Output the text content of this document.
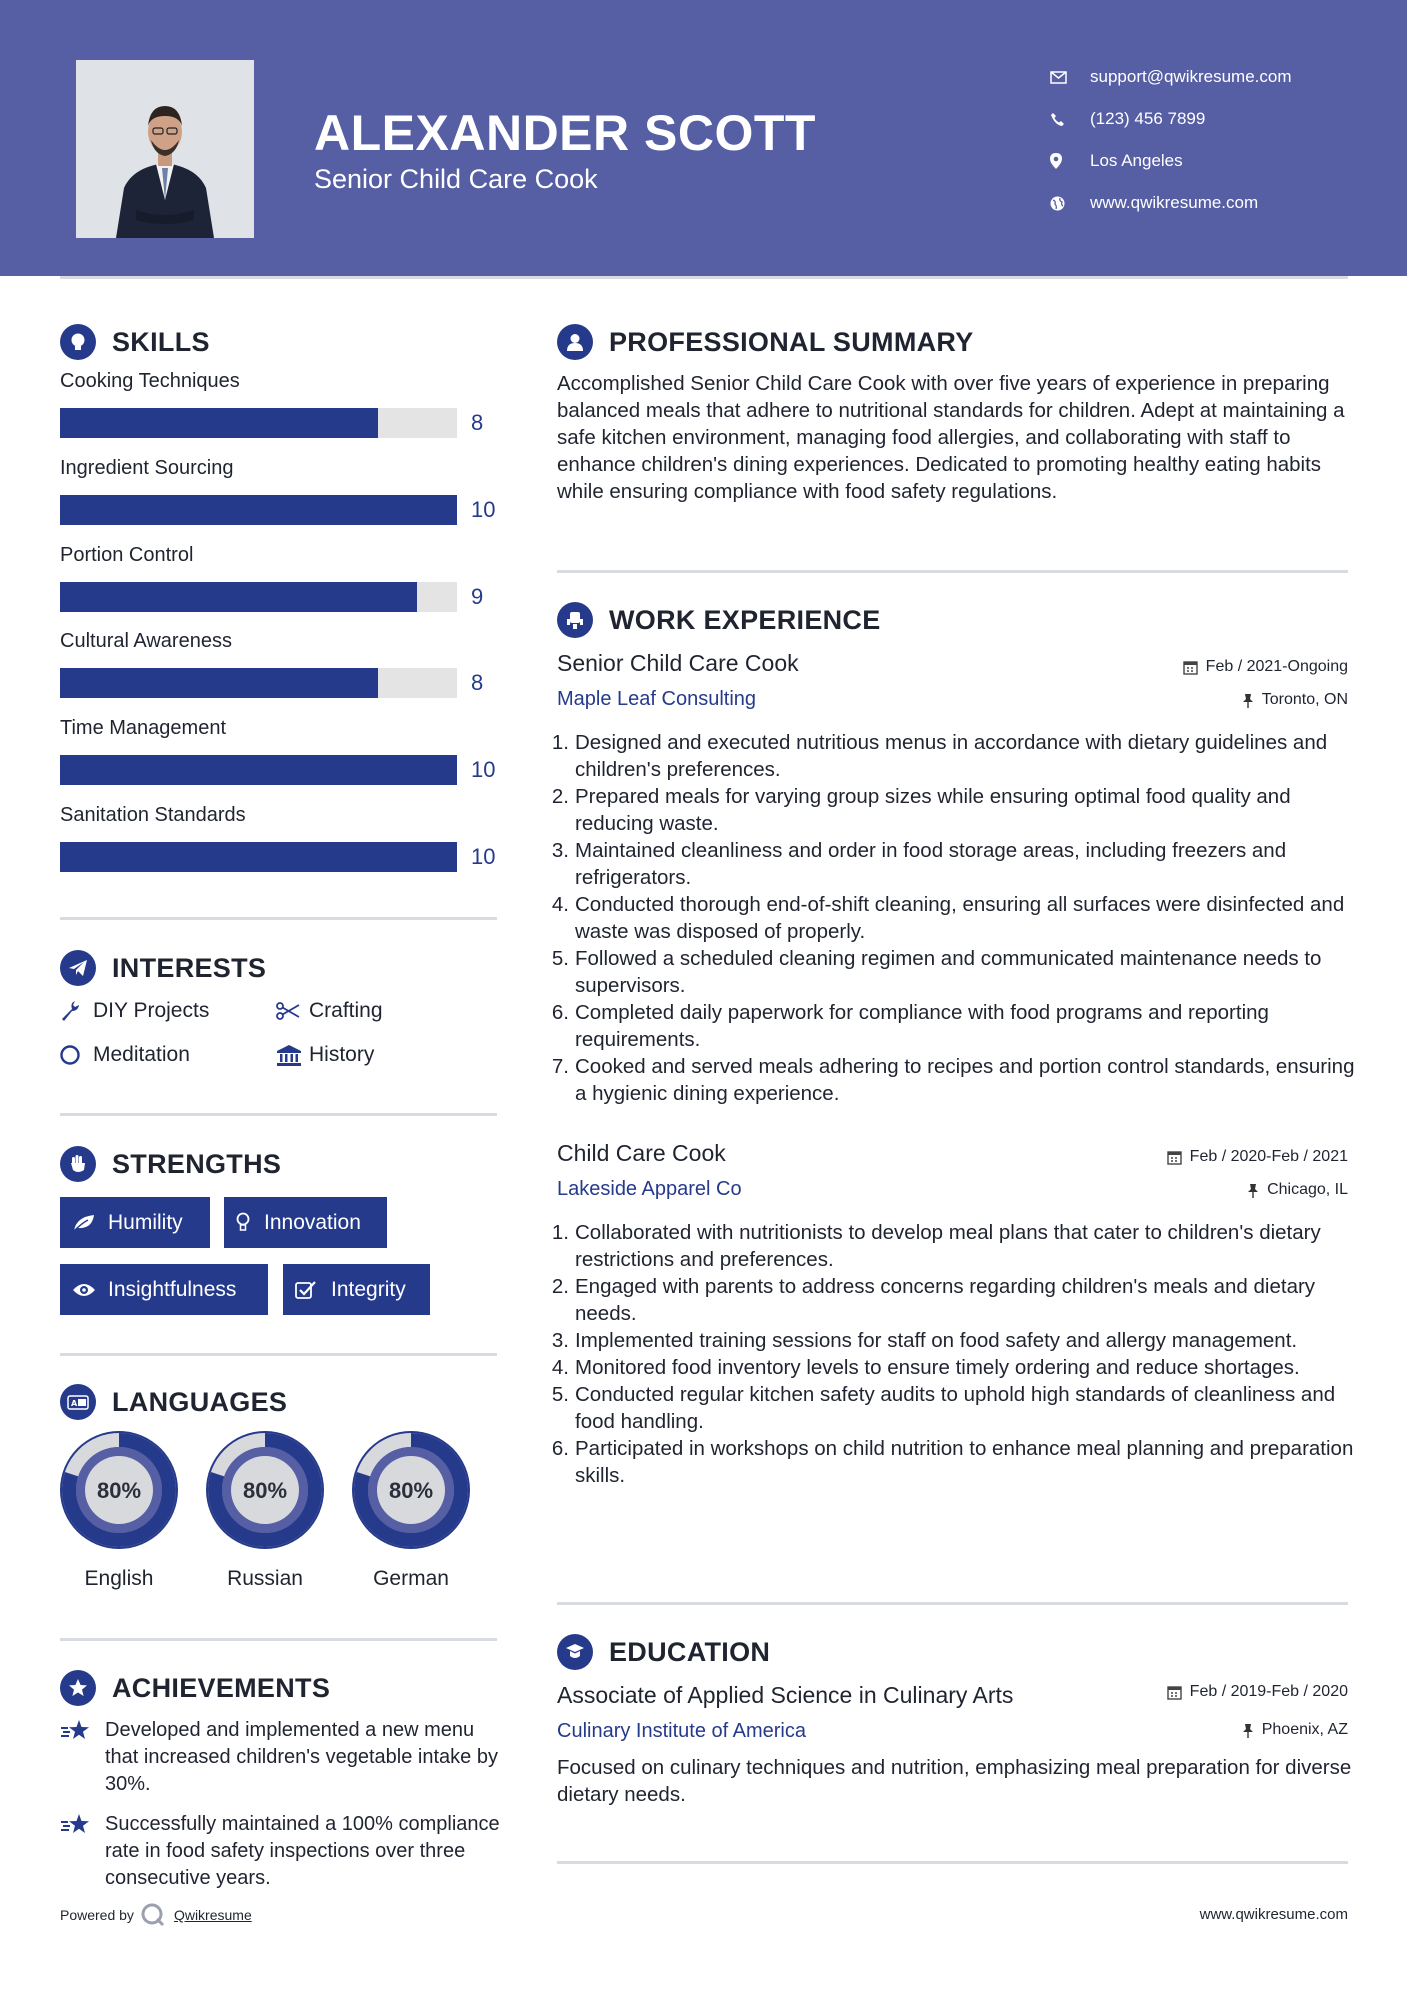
ALEXANDER SCOTT
Senior Child Care Cook
support@qwikresume.com
(123) 456 7899
Los Angeles
www.qwikresume.com
SKILLS
Cooking Techniques
8
Ingredient Sourcing
10
Portion Control
9
Cultural Awareness
8
Time Management
10
Sanitation Standards
10
INTERESTS
DIY Projects	Crafting
Meditation	History
STRENGTHS
Humility	Innovation
Insightfulness	Integrity
A LANGUAGES
80%
English
80%
Russian
80%
German
ACHIEVEMENTS
Developed and implemented a new menu that increased children's vegetable intake by 30%.
Successfully maintained a 100% compliance rate in food safety inspections over three consecutive years.
PROFESSIONAL SUMMARY
Accomplished Senior Child Care Cook with over five years of experience in preparing balanced meals that adhere to nutritional standards for children. Adept at maintaining a safe kitchen environment, managing food allergies, and collaborating with staff to enhance children's dining experiences. Dedicated to promoting healthy eating habits while ensuring compliance with food safety regulations.
WORK EXPERIENCE
Senior Child Care Cook	Feb / 2021-Ongoing
Maple Leaf Consulting	Toronto, ON
1. Designed and executed nutritious menus in accordance with dietary guidelines and children's preferences.
2. Prepared meals for varying group sizes while ensuring optimal food quality and reducing waste.
3. Maintained cleanliness and order in food storage areas, including freezers and refrigerators.
4. Conducted thorough end-of-shift cleaning, ensuring all surfaces were disinfected and waste was disposed of properly.
5. Followed a scheduled cleaning regimen and communicated maintenance needs to supervisors.
6. Completed daily paperwork for compliance with food programs and reporting requirements.
7. Cooked and served meals adhering to recipes and portion control standards, ensuring a hygienic dining experience.
Child Care Cook	Feb / 2020-Feb / 2021
Lakeside Apparel Co	Chicago, IL
1. Collaborated with nutritionists to develop meal plans that cater to children's dietary restrictions and preferences.
2. Engaged with parents to address concerns regarding children's meals and dietary needs.
3. Implemented training sessions for staff on food safety and allergy management.
4. Monitored food inventory levels to ensure timely ordering and reduce shortages.
5. Conducted regular kitchen safety audits to uphold high standards of cleanliness and food handling.
6. Participated in workshops on child nutrition to enhance meal planning and preparation skills.
EDUCATION
Associate of Applied Science in Culinary Arts	Feb / 2019-Feb / 2020
Culinary Institute of America	Phoenix, AZ
Focused on culinary techniques and nutrition, emphasizing meal preparation for diverse dietary needs.
Powered by	Qwikresume	www.qwikresume.com
